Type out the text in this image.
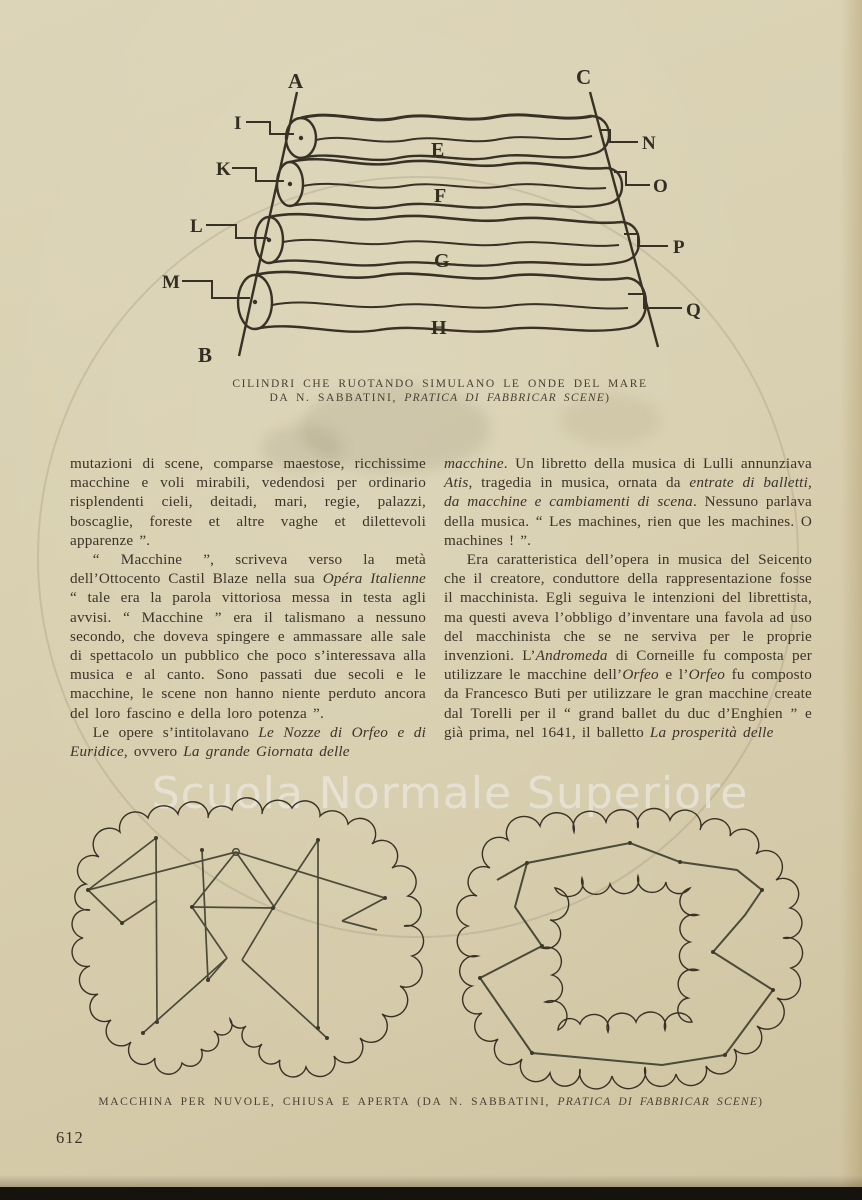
Scuola Normale Superiore
A
B
C
E
F
G
H
I
K
L
M
N
O
P
Q
CILINDRI CHE RUOTANDO SIMULANO LE ONDE DEL MARE
DA N. SABBATINI, PRATICA DI FABBRICAR SCENE)

mutazioni di scene, comparse maestose, ricchissime macchine e voli mirabili, vedendosi per ordinario risplendenti cieli, deitadi, mari, regie, palazzi, boscaglie, foreste et altre vaghe et dilettevoli apparenze ”.

“ Macchine ”, scriveva verso la metà dell’Ottocento Castil Blaze nella sua Opéra Italienne “ tale era la parola vittoriosa messa in testa agli avvisi. “ Macchine ” era il talismano a nessuno secondo, che doveva spingere e ammassare alle sale di spettacolo un pubblico che poco s’interessava alla musica e al canto. Sono passati due secoli e le macchine, le scene non hanno niente perduto ancora del loro fascino e della loro potenza ”.

Le opere s’intitolavano Le Nozze di Orfeo e di Euridice, ovvero La grande Giornata delle

macchine. Un libretto della musica di Lulli annunziava Atis, tragedia in musica, ornata da entrate di balletti, da macchine e cambiamenti di scena. Nessuno parlava della musica. “ Les machines, rien que les machines. O machines ! ”.

Era caratteristica dell’opera in musica del Seicento che il creatore, conduttore della rappresentazione fosse il macchinista. Egli seguiva le intenzioni del librettista, ma questi aveva l’obbligo d’inventare una favola ad uso del macchinista che se ne serviva per le proprie invenzioni. L’Andromeda di Corneille fu composta per utilizzare le macchine dell’Orfeo e l’Orfeo fu composto da Francesco Buti per utilizzare le gran macchine create dal Torelli per il “ grand ballet du duc d’Enghien ” e già prima, nel 1641, il balletto La prosperità delle

MACCHINA PER NUVOLE, CHIUSA E APERTA (DA N. SABBATINI, PRATICA DI FABBRICAR SCENE)
612
